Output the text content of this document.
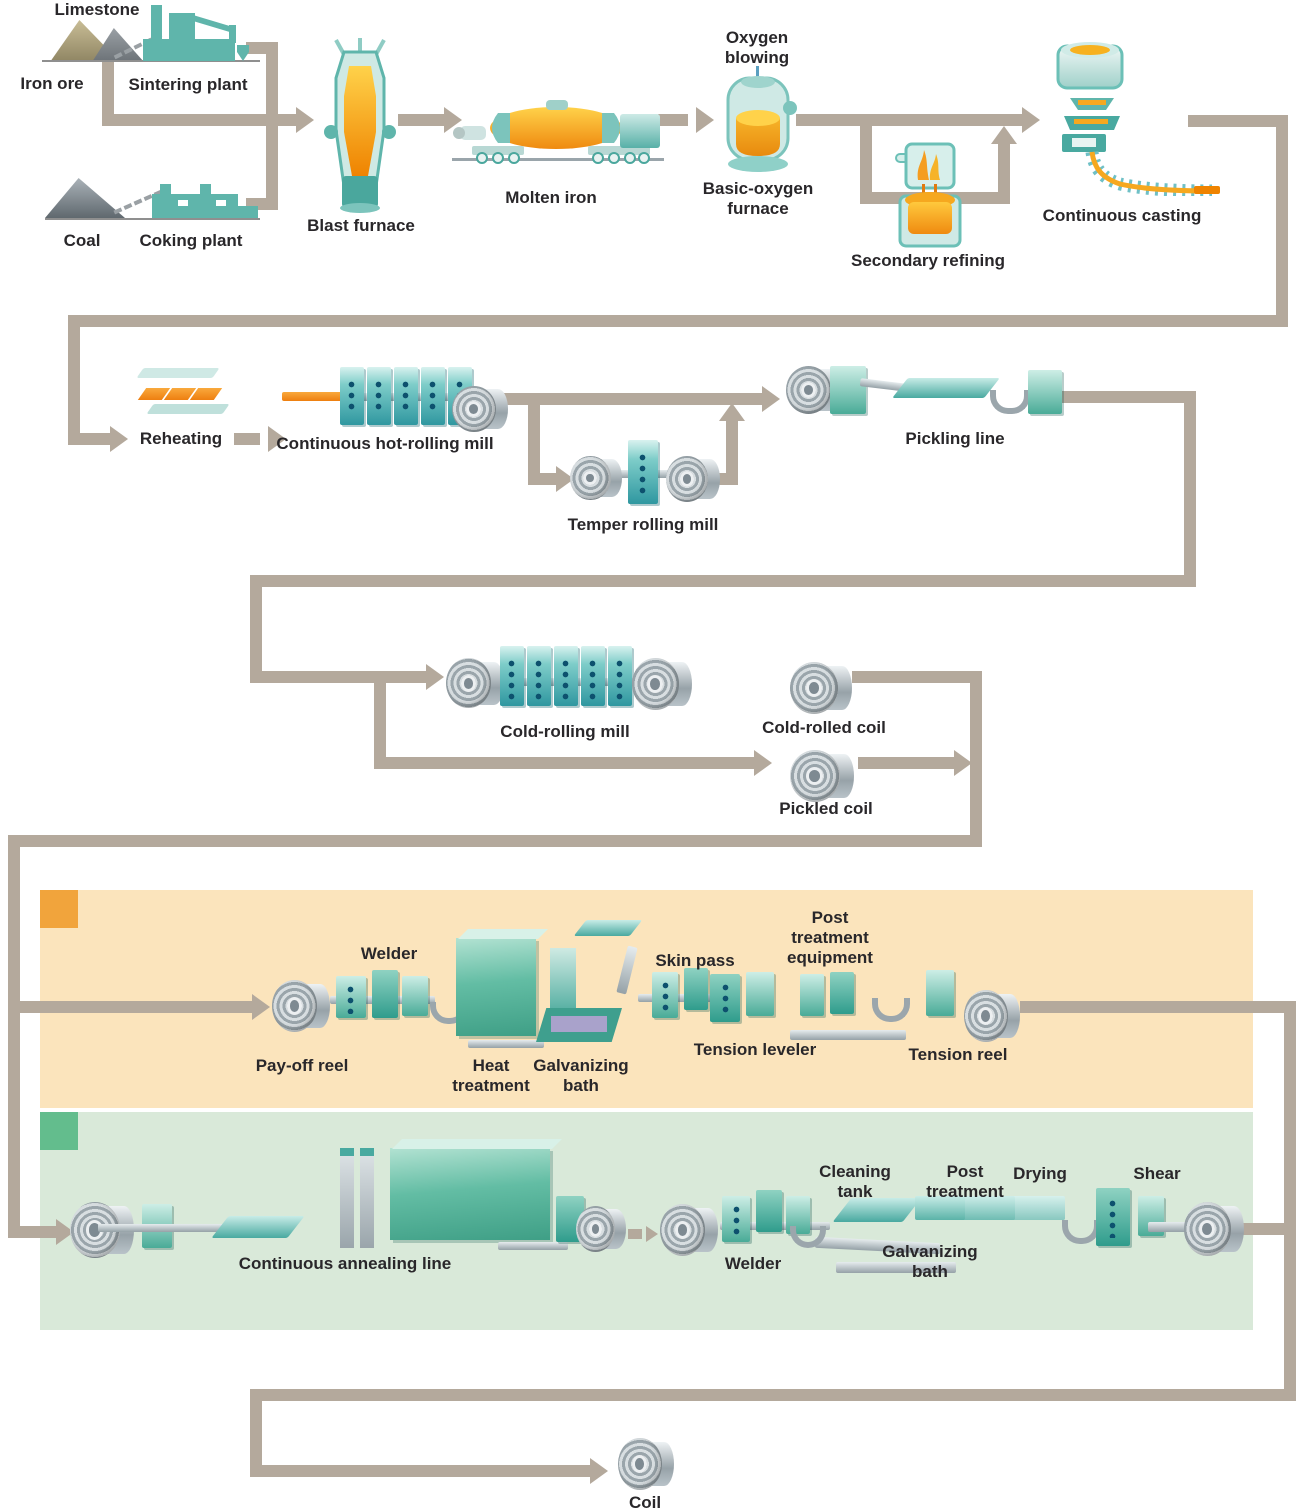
Limestone
Iron ore	Sintering plant
Coal Coking plant
Blast furnace
Molten iron
Oxygen blowing
Basic-oxygen furnace
Secondary refining
Continuous casting
Reheating	Continuous hot-rolling mill
Temper rolling mill
Pickling line
Cold-rolling mill	Cold-rolled coil
Pickled coil
Welder
Pay-off reel	Heat treatment
Galvanizing bath
Skin pass
Tension leveler
Post treatment equipment
Tension reel
Continuous annealing line	Welder
Cleaning tank
Post treatment
Drying
Galvanizing bath
Shear
Coil
